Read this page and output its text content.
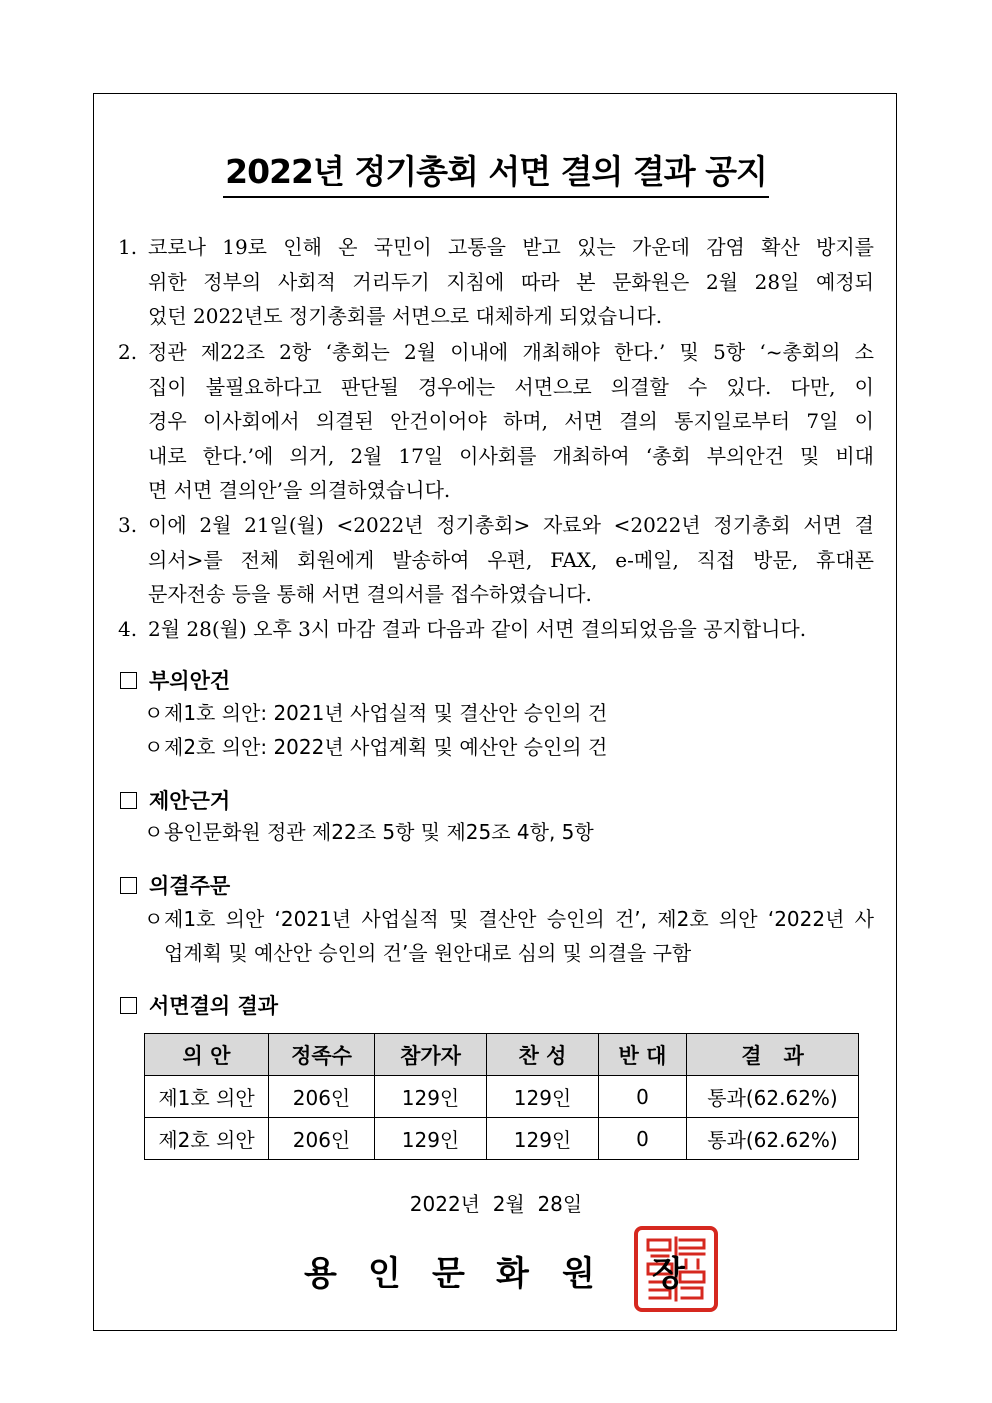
2022년 정기총회 서면 결의 결과 공지
1. 코로나 19로 인해 온 국민이 고통을 받고 있는 가운데 감염 확산 방지를
위한 정부의 사회적 거리두기 지침에 따라 본 문화원은 2월 28일 예정되
었던 2022년도 정기총회를 서면으로 대체하게 되었습니다.
2. 정관 제22조 2항 ‘총회는 2월 이내에 개최해야 한다.’ 및 5항 ‘~총회의 소
집이 불필요하다고 판단될 경우에는 서면으로 의결할 수 있다. 다만, 이
경우 이사회에서 의결된 안건이어야 하며, 서면 결의 통지일로부터 7일 이
내로 한다.’에 의거, 2월 17일 이사회를 개최하여 ‘총회 부의안건 및 비대
면 서면 결의안’을 의결하였습니다.
3. 이에 2월 21일(월) <2022년 정기총회> 자료와 <2022년 정기총회 서면 결
의서>를 전체 회원에게 발송하여 우편, FAX, e-메일, 직접 방문, 휴대폰
문자전송 등을 통해 서면 결의서를 접수하였습니다.
4. 2월 28(월) 오후 3시 마감 결과 다음과 같이 서면 결의되었음을 공지합니다.
부의안건
ㅇ 제1호 의안: 2021년 사업실적 및 결산안 승인의 건
ㅇ 제2호 의안: 2022년 사업계획 및 예산안 승인의 건
제안근거
ㅇ 용인문화원 정관 제22조 5항 및 제25조 4항, 5항
의결주문
ㅇ 제1호 의안 ‘2021년 사업실적 및 결산안 승인의 건’, 제2호 의안 ‘2022년 사
업계획 및 예산안 승인의 건’을 원안대로 심의 및 의결을 구함
서면결의 결과
의 안	정족수	참가자	찬 성	반 대	결   과
제1호 의안	206인	129인	129인	0	통과(62.62%)
제2호 의안	206인	129인	129인	0	통과(62.62%)
2022년  2월  28일
용 인 문 화 원 장
